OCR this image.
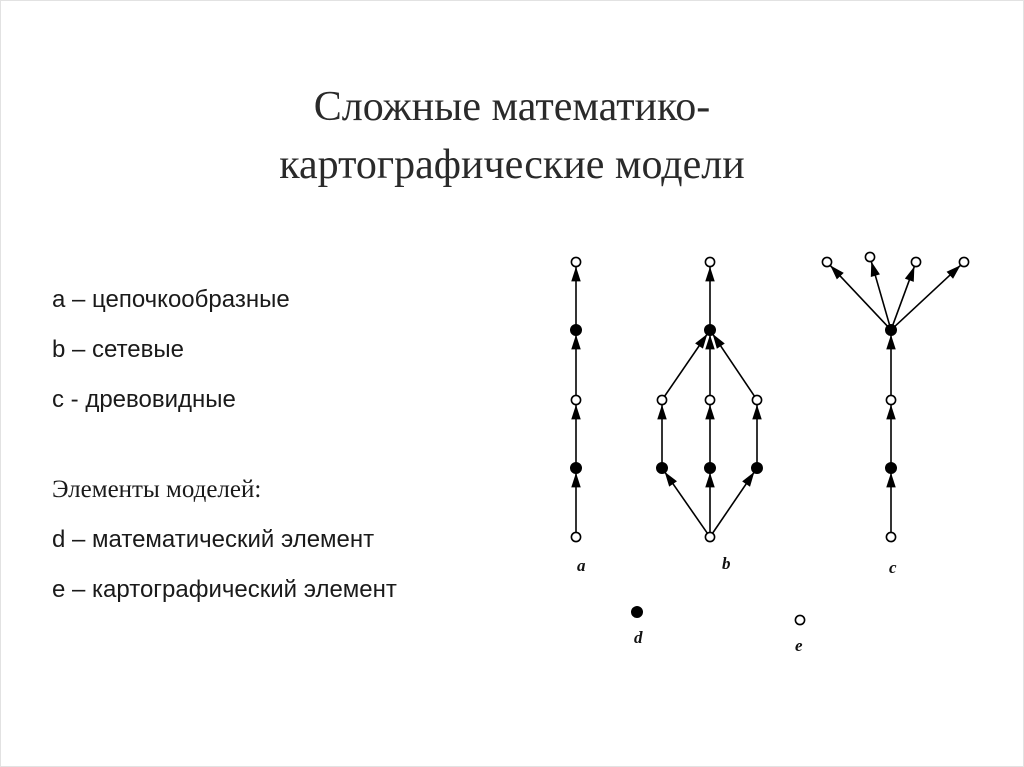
Сложные математико-
картографические модели
a – цепочкообразные
b – сетевые
c - древовидные
Элементы моделей:
d – математический элемент
e – картографический элемент
a	b	c
d	e
